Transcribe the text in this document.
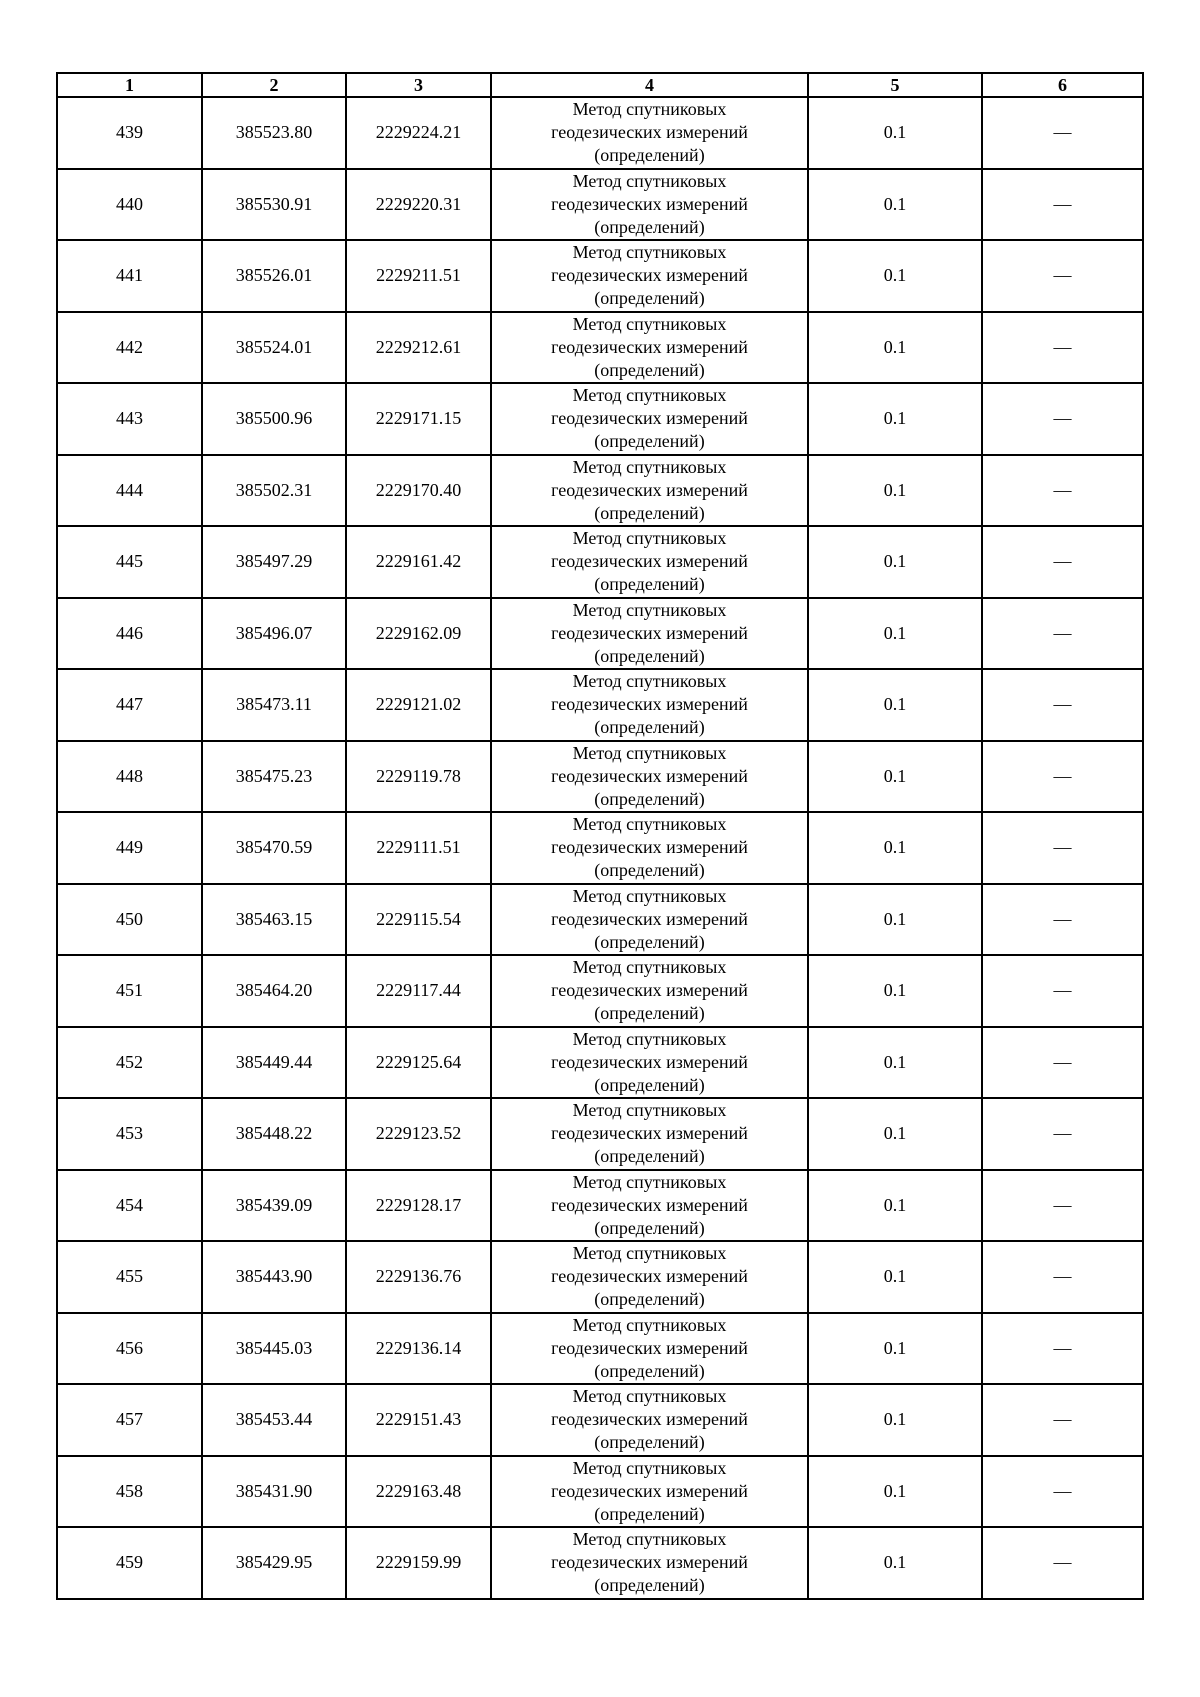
1	2	3	4	5	6
439	385523.80	2229224.21	Метод спутниковых
геодезических измерений
(определений)	0.1	—
440	385530.91	2229220.31	Метод спутниковых
геодезических измерений
(определений)	0.1	—
441	385526.01	2229211.51	Метод спутниковых
геодезических измерений
(определений)	0.1	—
442	385524.01	2229212.61	Метод спутниковых
геодезических измерений
(определений)	0.1	—
443	385500.96	2229171.15	Метод спутниковых
геодезических измерений
(определений)	0.1	—
444	385502.31	2229170.40	Метод спутниковых
геодезических измерений
(определений)	0.1	—
445	385497.29	2229161.42	Метод спутниковых
геодезических измерений
(определений)	0.1	—
446	385496.07	2229162.09	Метод спутниковых
геодезических измерений
(определений)	0.1	—
447	385473.11	2229121.02	Метод спутниковых
геодезических измерений
(определений)	0.1	—
448	385475.23	2229119.78	Метод спутниковых
геодезических измерений
(определений)	0.1	—
449	385470.59	2229111.51	Метод спутниковых
геодезических измерений
(определений)	0.1	—
450	385463.15	2229115.54	Метод спутниковых
геодезических измерений
(определений)	0.1	—
451	385464.20	2229117.44	Метод спутниковых
геодезических измерений
(определений)	0.1	—
452	385449.44	2229125.64	Метод спутниковых
геодезических измерений
(определений)	0.1	—
453	385448.22	2229123.52	Метод спутниковых
геодезических измерений
(определений)	0.1	—
454	385439.09	2229128.17	Метод спутниковых
геодезических измерений
(определений)	0.1	—
455	385443.90	2229136.76	Метод спутниковых
геодезических измерений
(определений)	0.1	—
456	385445.03	2229136.14	Метод спутниковых
геодезических измерений
(определений)	0.1	—
457	385453.44	2229151.43	Метод спутниковых
геодезических измерений
(определений)	0.1	—
458	385431.90	2229163.48	Метод спутниковых
геодезических измерений
(определений)	0.1	—
459	385429.95	2229159.99	Метод спутниковых
геодезических измерений
(определений)	0.1	—
